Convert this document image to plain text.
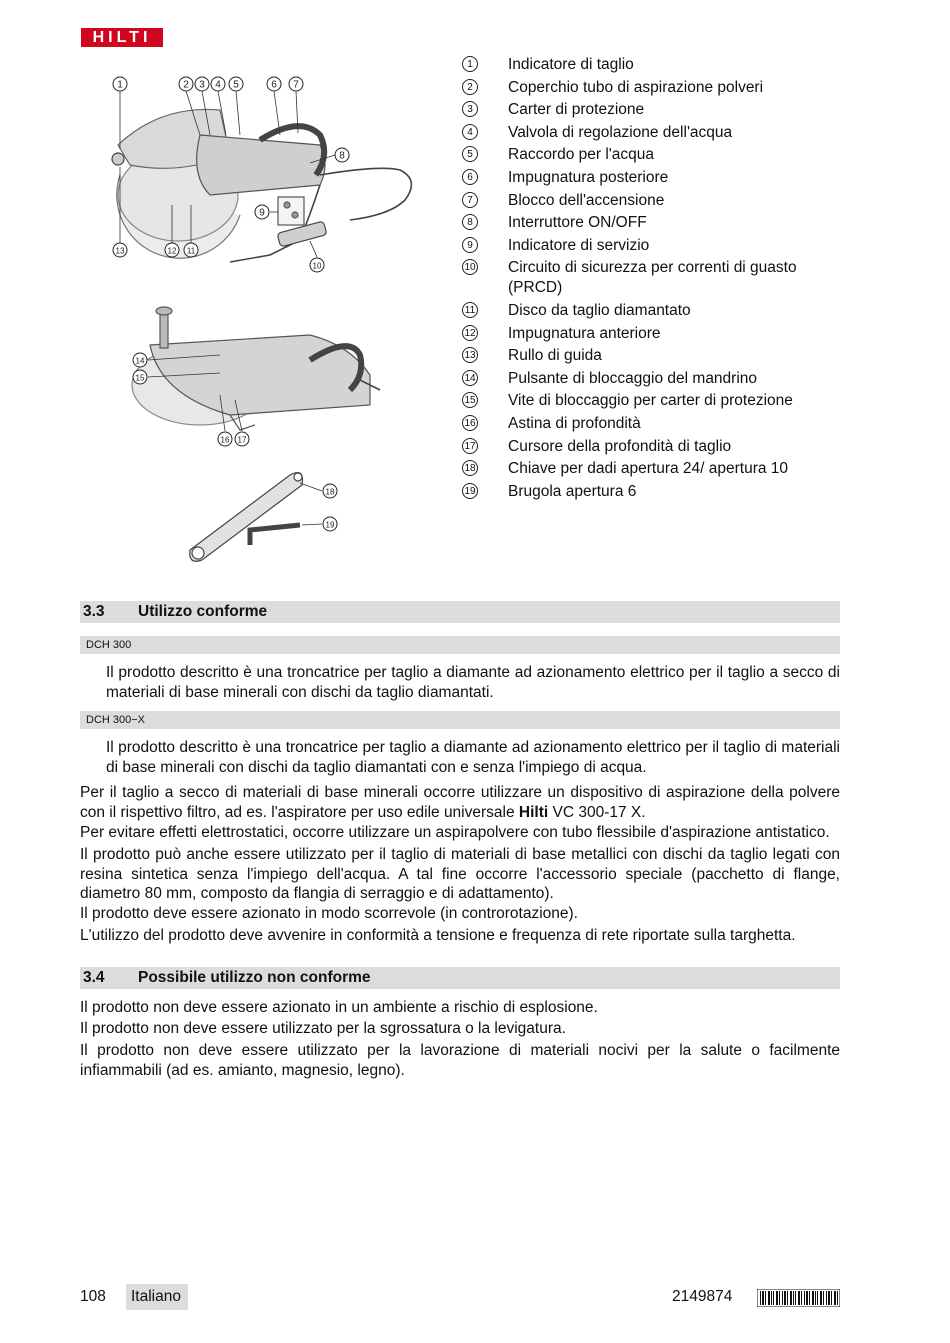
HILTI
1	2 3 4 5	6 7
8
9
10
11
12
13
14
15
16 17
18
19
1	Indicatore di taglio
2	Coperchio tubo di aspirazione polveri
3	Carter di protezione
4	Valvola di regolazione dell'acqua
5	Raccordo per l'acqua
6	Impugnatura posteriore
7	Blocco dell'accensione
8	Interruttore ON/OFF
9	Indicatore di servizio
10 Circuito di sicurezza per correnti di guasto (PRCD)
11 Disco da taglio diamantato
12 Impugnatura anteriore
13 Rullo di guida
14 Pulsante di bloccaggio del mandrino
15 Vite di bloccaggio per carter di protezione
16 Astina di profondità
17 Cursore della profondità di taglio
18 Chiave per dadi apertura 24/ apertura 10
19 Brugola apertura 6
3.3 Utilizzo conforme
DCH 300
Il prodotto descritto è una troncatrice per taglio a diamante ad azionamento elettrico per il taglio a secco di materiali di base minerali con dischi da taglio diamantati.
DCH 300−X
Il prodotto descritto è una troncatrice per taglio a diamante ad azionamento elettrico per il taglio di materiali di base minerali con dischi da taglio diamantati con e senza l'impiego di acqua.
Per il taglio a secco di materiali di base minerali occorre utilizzare un dispositivo di aspirazione della polvere con il rispettivo filtro, ad es. l'aspiratore per uso edile universale Hilti VC 300‑17 X.
Per evitare effetti elettrostatici, occorre utilizzare un aspirapolvere con tubo flessibile d'aspirazione antistatico.
Il prodotto può anche essere utilizzato per il taglio di materiali di base metallici con dischi da taglio legati con resina sintetica senza l'impiego dell'acqua. A tal fine occorre l'accessorio speciale (pacchetto di flange, diametro 80 mm, composto da flangia di serraggio e di adattamento).
Il prodotto deve essere azionato in modo scorrevole (in controrotazione).
L'utilizzo del prodotto deve avvenire in conformità a tensione e frequenza di rete riportate sulla targhetta.
3.4 Possibile utilizzo non conforme
Il prodotto non deve essere azionato in un ambiente a rischio di esplosione.
Il prodotto non deve essere utilizzato per la sgrossatura o la levigatura.
Il prodotto non deve essere utilizzato per la lavorazione di materiali nocivi per la salute o facilmente infiammabili (ad es. amianto, magnesio, legno).
108	Italiano	2149874
